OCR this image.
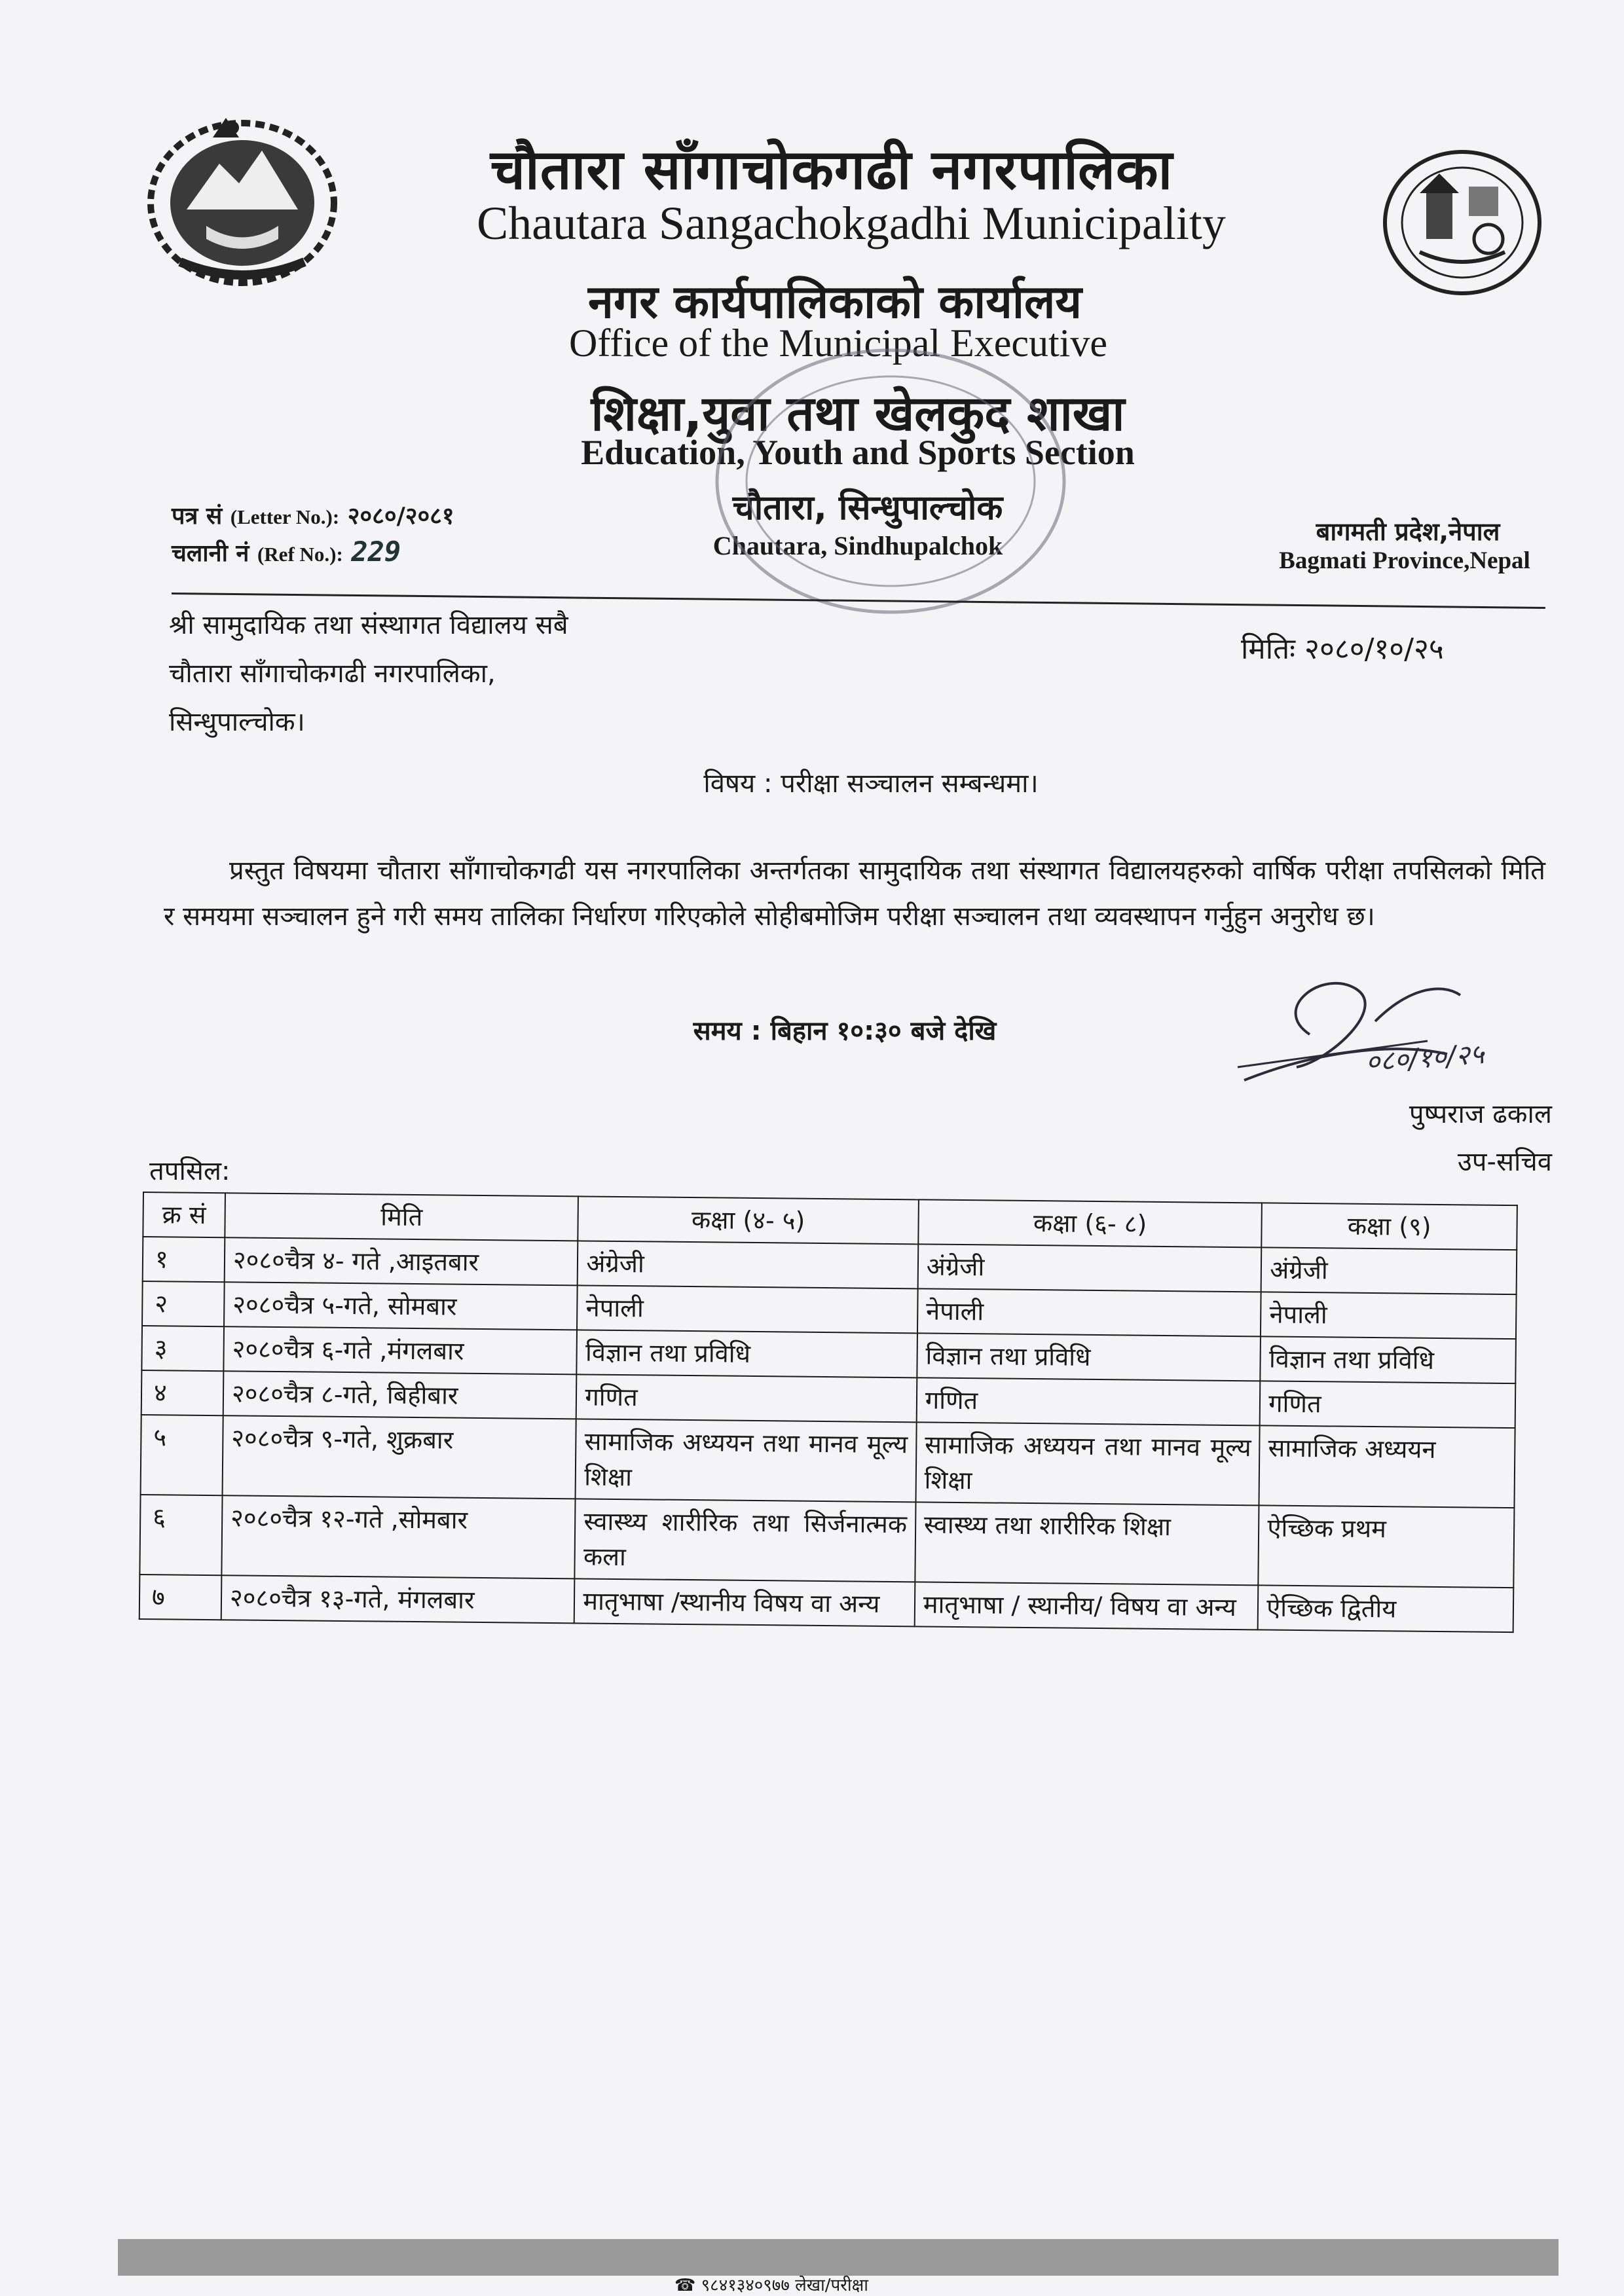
चौतारा साँगाचोकगढी नगरपालिका
Chautara Sangachokgadhi Municipality
नगर कार्यपालिकाको कार्यालय
Office of the Municipal Executive
शिक्षा,युवा तथा खेलकुद शाखा
Education, Youth and Sports Section
चौतारा, सिन्धुपाल्चोक
Chautara, Sindhupalchok	बागमती प्रदेश,नेपाल
Bagmati Province,Nepal
पत्र सं (Letter No.): २०८०/२०८१
चलानी नं (Ref No.): 229
श्री सामुदायिक तथा संस्थागत विद्यालय सबै
चौतारा साँगाचोकगढी नगरपालिका,
सिन्धुपाल्चोक।
मितिः २०८०/१०/२५
विषय : परीक्षा सञ्चालन सम्बन्धमा।
प्रस्तुत विषयमा चौतारा साँगाचोकगढी यस नगरपालिका अन्तर्गतका सामुदायिक तथा संस्थागत विद्यालयहरुको वार्षिक परीक्षा तपसिलको मिति र समयमा सञ्चालन हुने गरी समय तालिका निर्धारण गरिएकोले सोहीबमोजिम परीक्षा सञ्चालन तथा व्यवस्थापन गर्नुहुन अनुरोध छ।
समय : बिहान १०:३० बजे देखि
०८०/१०/२५
पुष्पराज ढकाल
उप-सचिव
तपसिल:
क्र सं	मिति	कक्षा (४- ५)	कक्षा (६- ८)	कक्षा (९)
१	२०८०चैत्र ४- गते ,आइतबार	अंग्रेजी	अंग्रेजी	अंग्रेजी
२	२०८०चैत्र ५-गते, सोमबार	नेपाली	नेपाली	नेपाली
३	२०८०चैत्र ६-गते ,मंगलबार	विज्ञान तथा प्रविधि	विज्ञान तथा प्रविधि	विज्ञान तथा प्रविधि
४	२०८०चैत्र ८-गते, बिहीबार	गणित	गणित	गणित
५	२०८०चैत्र ९-गते, शुक्रबार	सामाजिक अध्ययन तथा मानव मूल्य शिक्षा	सामाजिक अध्ययन तथा मानव मूल्य शिक्षा	सामाजिक अध्ययन
६	२०८०चैत्र १२-गते ,सोमबार	स्वास्थ्य शारीरिक तथा सिर्जनात्मक कला	स्वास्थ्य तथा शारीरिक शिक्षा	ऐच्छिक प्रथम
७	२०८०चैत्र १३-गते, मंगलबार	मातृभाषा /स्थानीय विषय वा अन्य	मातृभाषा / स्थानीय/ विषय वा अन्य	ऐच्छिक द्वितीय
☎ ९८४१३४०९७७ लेखा/परीक्षा
